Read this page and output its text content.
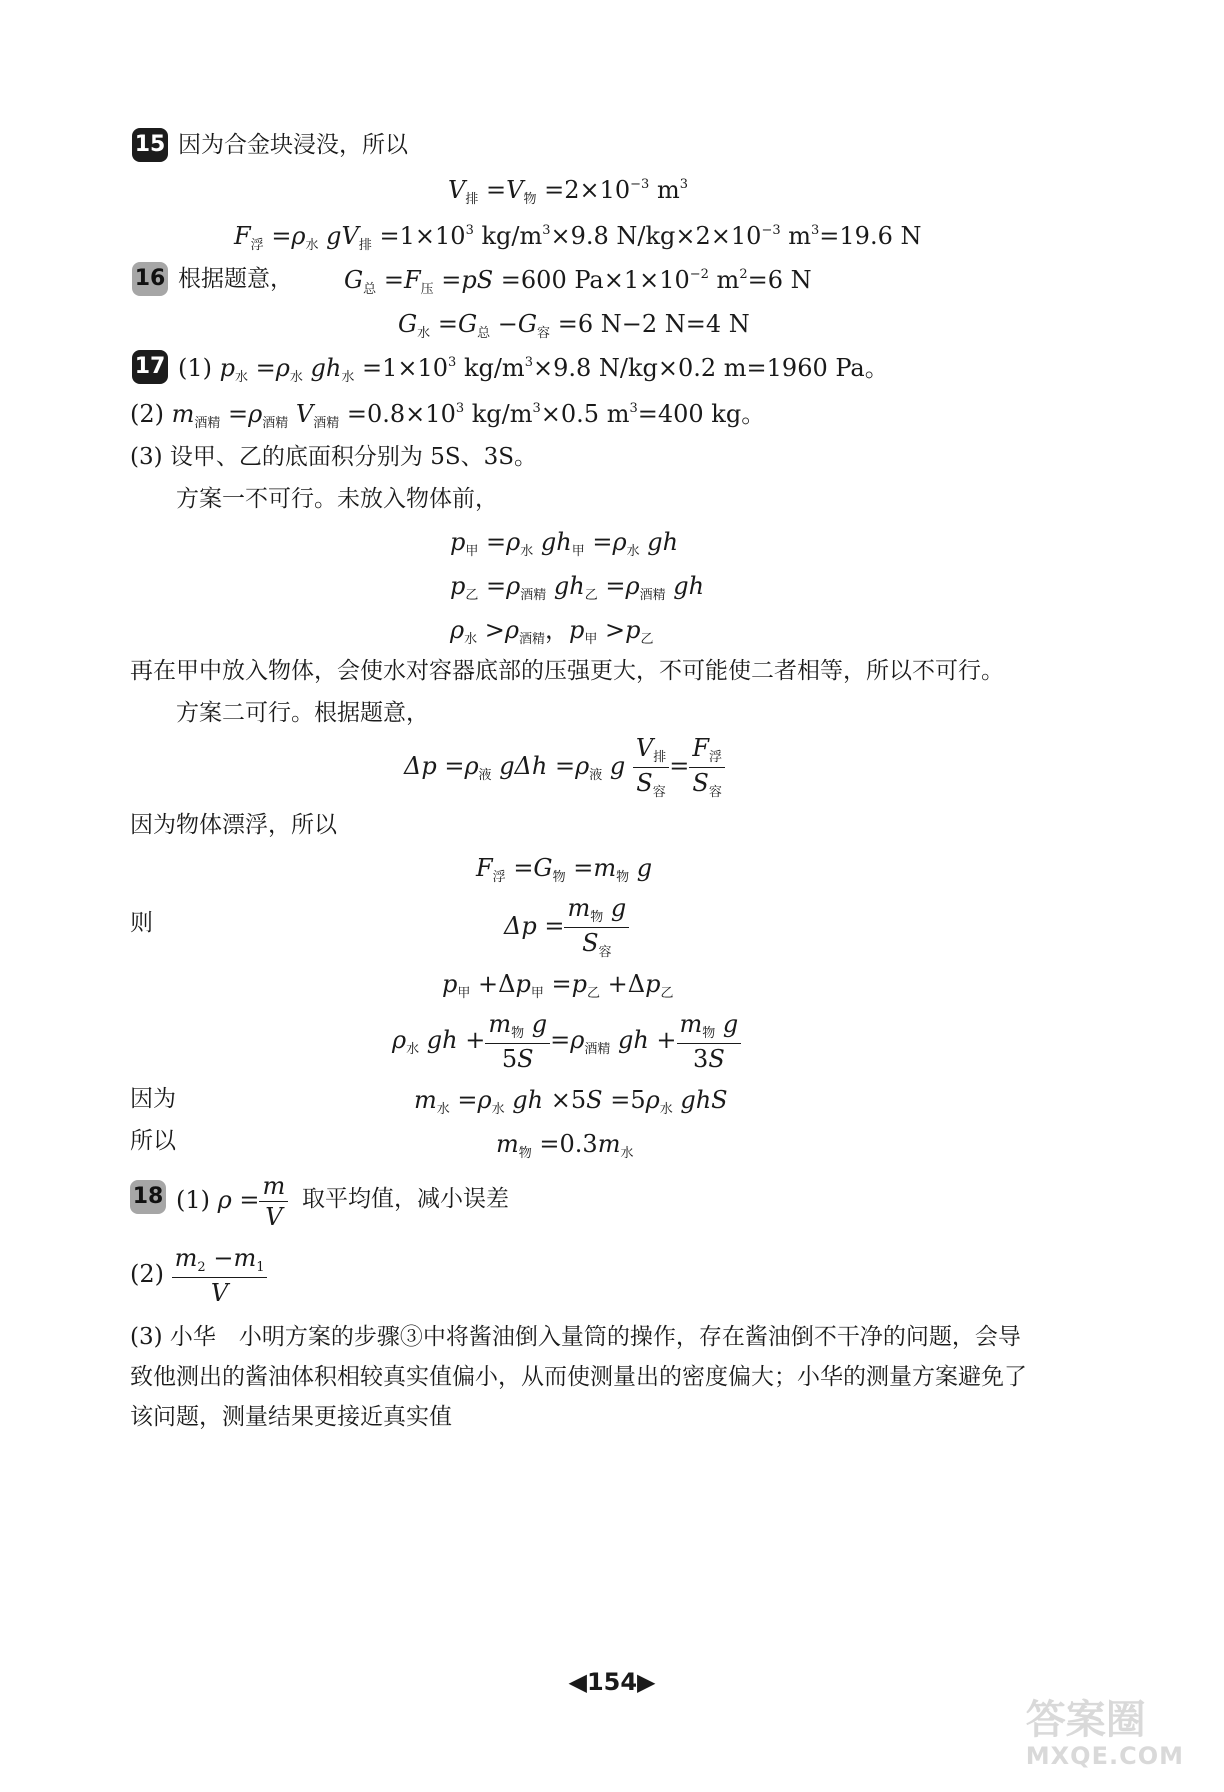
15 因为合金块浸没，所以
$V_排 =V_物 =2\times 10^{-3}$ $m^3$
$F_浮 =\rho_水$ $gV_排 =1\times 10^3$ $kg/m^3\times 9.8$ $N/kg\times 2\times 10^{-3}$ $m^3=19.6$ N
16 根据题意， $G_总 =F_压 =pS =600$ $Pa\times 1\times 10^{-2}$ $m^2=6$ N
$G_水 =G_总 -G_容 =6$ N−2 N=4 N
17 (1) $p_水 =\rho_水$ $gh_水 =1\times 10^3$ $kg/m^3\times 9.8$ N/kg×0.2 m=1960 Pa。
(2) $m_{酒精} =\rho_{酒精}$ $V_{酒精} =0.8\times 10^3$ $kg/m^3\times 0.5$ $m^3=400$ kg。
(3) 设甲、乙的底面积分别为 5S、3S。
方案一不可行。未放入物体前，
$p_甲 =\rho_水$ $gh_甲 =\rho_水$ gh
$p_乙 =\rho_{酒精}$ $gh_乙 =\rho_{酒精}$ gh
$\rho_水 >\rho_{酒精}$，$p_甲 >p_乙$
再在甲中放入物体，会使水对容器底部的压强更大，不可能使二者相等，所以不可行。
方案二可行。根据题意，
$\Delta p =\rho_液$ $g\Delta h =\rho_液$ g $\frac{V_排}{S_容} = \frac{F_浮}{S_容}$
因为物体漂浮，所以
$F_浮 =G_物 =m_物$ g
则	$\Delta p = \frac{m_物 g}{S_容}$
$p_甲 +\Delta p_甲 =p_乙 +\Delta p_乙$
$\rho_水$ gh + $\frac{m_物 g}{5S} =\rho_{酒精}$ gh + $\frac{m_物 g}{3S}$
因为	$m_水 =\rho_水$ gh $\times 5S =5\rho_水$ ghS
所以	$m_物 =0.3m_水$
18 (1) $\rho = \frac{m}{V}$ 取平均值，减小误差
$(2) \frac{m_2 -m_1}{V}$
(3) 小华　小明方案的步骤③中将酱油倒入量筒的操作，存在酱油倒不干净的问题，会导
致他测出的酱油体积相较真实值偏小，从而使测量出的密度偏大；小华的测量方案避免了
该问题，测量结果更接近真实值
◀154▶
答案圈
MXQE.COM
